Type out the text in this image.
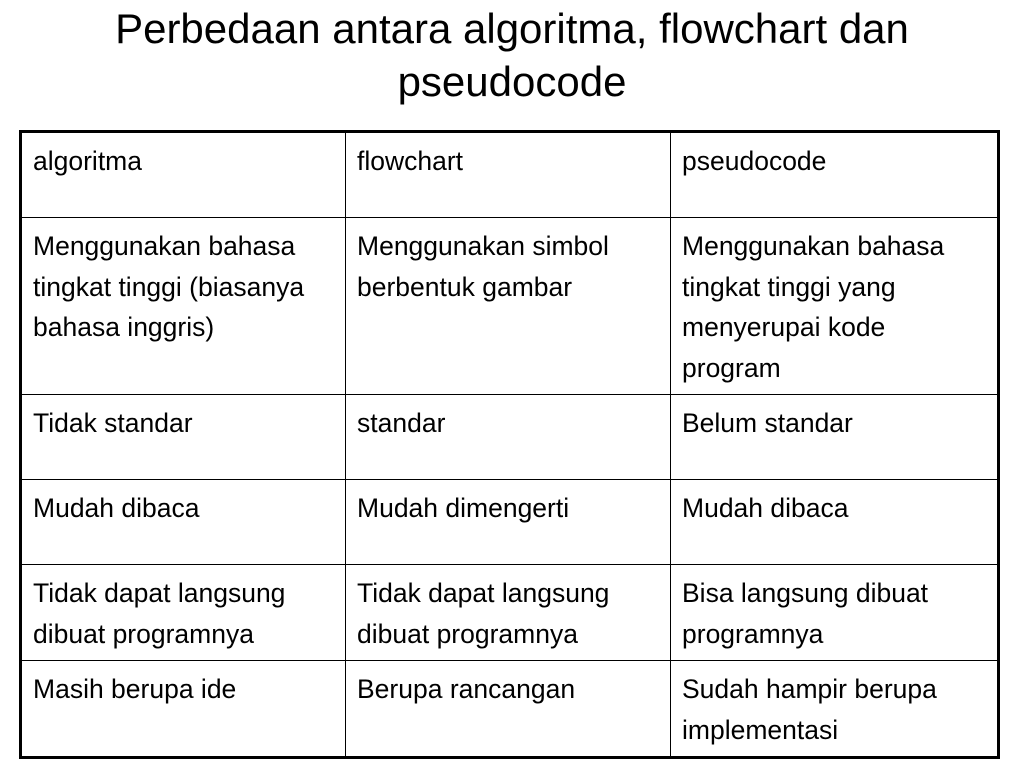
Perbedaan antara algoritma, flowchart dan
pseudocode
algoritma	flowchart	pseudocode
Menggunakan bahasa tingkat tinggi (biasanya bahasa inggris)	Menggunakan simbol berbentuk gambar	Menggunakan bahasa tingkat tinggi yang menyerupai kode program
Tidak standar	standar	Belum standar
Mudah dibaca	Mudah dimengerti	Mudah dibaca
Tidak dapat langsung dibuat programnya	Tidak dapat langsung dibuat programnya	Bisa langsung dibuat programnya
Masih berupa ide	Berupa rancangan	Sudah hampir berupa implementasi
